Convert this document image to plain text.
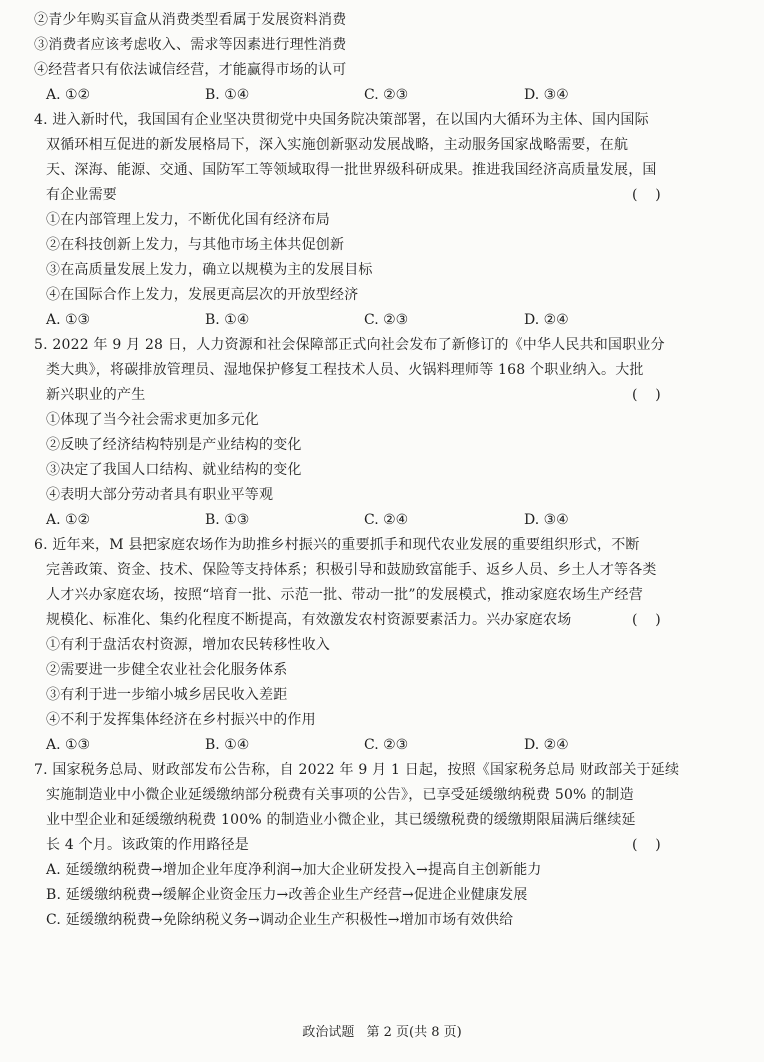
②青少年购买盲盒从消费类型看属于发展资料消费
③消费者应该考虑收入、需求等因素进行理性消费
④经营者只有依法诚信经营，才能赢得市场的认可
A. ①②	B. ①④	C. ②③	D. ③④
4. 进入新时代，我国国有企业坚决贯彻党中央国务院决策部署，在以国内大循环为主体、国内国际
双循环相互促进的新发展格局下，深入实施创新驱动发展战略，主动服务国家战略需要，在航
天、深海、能源、交通、国防军工等领域取得一批世界级科研成果。推进我国经济高质量发展，国
有企业需要	(    )
①在内部管理上发力，不断优化国有经济布局
②在科技创新上发力，与其他市场主体共促创新
③在高质量发展上发力，确立以规模为主的发展目标
④在国际合作上发力，发展更高层次的开放型经济
A. ①③	B. ①④	C. ②③	D. ②④
5. 2022 年 9 月 28 日，人力资源和社会保障部正式向社会发布了新修订的《中华人民共和国职业分
类大典》，将碳排放管理员、湿地保护修复工程技术人员、火锅料理师等 168 个职业纳入。大批
新兴职业的产生	(    )
①体现了当今社会需求更加多元化
②反映了经济结构特别是产业结构的变化
③决定了我国人口结构、就业结构的变化
④表明大部分劳动者具有职业平等观
A. ①②	B. ①③	C. ②④	D. ③④
6. 近年来，M 县把家庭农场作为助推乡村振兴的重要抓手和现代农业发展的重要组织形式，不断
完善政策、资金、技术、保险等支持体系；积极引导和鼓励致富能手、返乡人员、乡土人才等各类
人才兴办家庭农场，按照“培育一批、示范一批、带动一批”的发展模式，推动家庭农场生产经营
规模化、标准化、集约化程度不断提高，有效激发农村资源要素活力。兴办家庭农场	(    )
①有利于盘活农村资源，增加农民转移性收入
②需要进一步健全农业社会化服务体系
③有利于进一步缩小城乡居民收入差距
④不利于发挥集体经济在乡村振兴中的作用
A. ①③	B. ①④	C. ②③	D. ②④
7. 国家税务总局、财政部发布公告称，自 2022 年 9 月 1 日起，按照《国家税务总局 财政部关于延续
实施制造业中小微企业延缓缴纳部分税费有关事项的公告》，已享受延缓缴纳税费 50% 的制造
业中型企业和延缓缴纳税费 100% 的制造业小微企业，其已缓缴税费的缓缴期限届满后继续延
长 4 个月。该政策的作用路径是	(    )
A. 延缓缴纳税费→增加企业年度净利润→加大企业研发投入→提高自主创新能力
B. 延缓缴纳税费→缓解企业资金压力→改善企业生产经营→促进企业健康发展
C. 延缓缴纳税费→免除纳税义务→调动企业生产积极性→增加市场有效供给
政治试题 第 2 页(共 8 页)
